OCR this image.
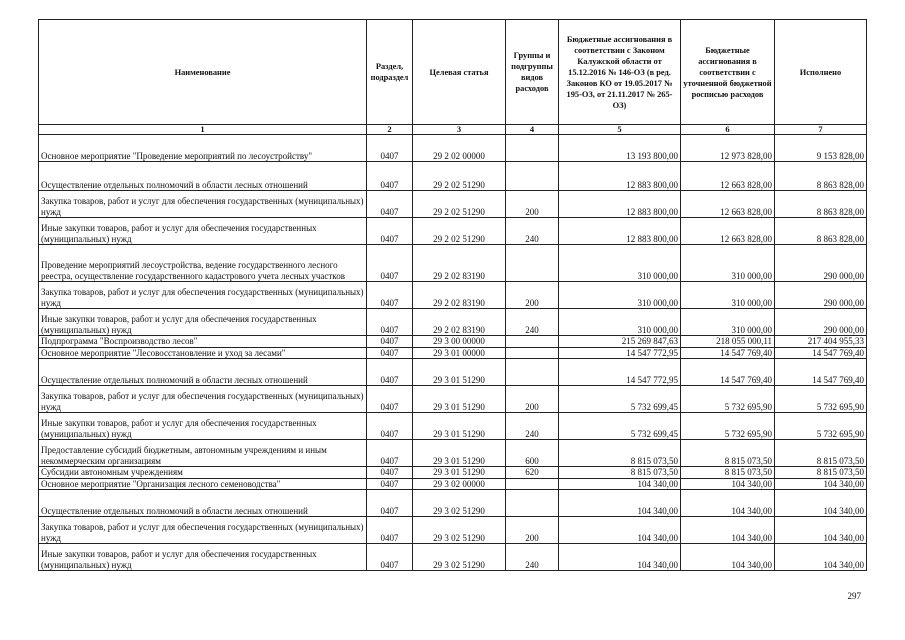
Наименование	Раздел, подраздел	Целевая статья	Группы и подгруппы видов расходов	Бюджетные ассигнования в соответствии с Законом Калужской области от 15.12.2016 № 146-ОЗ (в ред. Законов КО от 19.05.2017 № 195-ОЗ, от 21.11.2017 № 265-ОЗ)	Бюджетные ассигнования в соответствии с уточненной бюджетной росписью расходов	Исполнено
1	2	3	4	5	6	7
Основное мероприятие "Проведение мероприятий по лесоустройству"	0407	29 2 02 00000		13 193 800,00	12 973 828,00	9 153 828,00
Осуществление отдельных полномочий в области лесных отношений	0407	29 2 02 51290		12 883 800,00	12 663 828,00	8 863 828,00
Закупка товаров, работ и услуг для обеспечения государственных (муниципальных) нужд	0407	29 2 02 51290	200	12 883 800,00	12 663 828,00	8 863 828,00
Иные закупки товаров, работ и услуг для обеспечения государственных (муниципальных) нужд	0407	29 2 02 51290	240	12 883 800,00	12 663 828,00	8 863 828,00
Проведение мероприятий лесоустройства, ведение государственного лесного реестра, осуществление государственного кадастрового учета лесных участков	0407	29 2 02 83190		310 000,00	310 000,00	290 000,00
Закупка товаров, работ и услуг для обеспечения государственных (муниципальных) нужд	0407	29 2 02 83190	200	310 000,00	310 000,00	290 000,00
Иные закупки товаров, работ и услуг для обеспечения государственных (муниципальных) нужд	0407	29 2 02 83190	240	310 000,00	310 000,00	290 000,00
Подпрограмма "Воспроизводство лесов"	0407	29 3 00 00000		215 269 847,63	218 055 000,11	217 404 955,33
Основное мероприятие "Лесовосстановление и уход за лесами"	0407	29 3 01 00000		14 547 772,95	14 547 769,40	14 547 769,40
Осуществление отдельных полномочий в области лесных отношений	0407	29 3 01 51290		14 547 772,95	14 547 769,40	14 547 769,40
Закупка товаров, работ и услуг для обеспечения государственных (муниципальных) нужд	0407	29 3 01 51290	200	5 732 699,45	5 732 695,90	5 732 695,90
Иные закупки товаров, работ и услуг для обеспечения государственных (муниципальных) нужд	0407	29 3 01 51290	240	5 732 699,45	5 732 695,90	5 732 695,90
Предоставление субсидий бюджетным, автономным учреждениям и иным некоммерческим организациям	0407	29 3 01 51290	600	8 815 073,50	8 815 073,50	8 815 073,50
Субсидии автономным учреждениям	0407	29 3 01 51290	620	8 815 073,50	8 815 073,50	8 815 073,50
Основное мероприятие "Организация лесного семеноводства"	0407	29 3 02 00000		104 340,00	104 340,00	104 340,00
Осуществление отдельных полномочий в области лесных отношений	0407	29 3 02 51290		104 340,00	104 340,00	104 340,00
Закупка товаров, работ и услуг для обеспечения государственных (муниципальных) нужд	0407	29 3 02 51290	200	104 340,00	104 340,00	104 340,00
Иные закупки товаров, работ и услуг для обеспечения государственных (муниципальных) нужд	0407	29 3 02 51290	240	104 340,00	104 340,00	104 340,00
297
